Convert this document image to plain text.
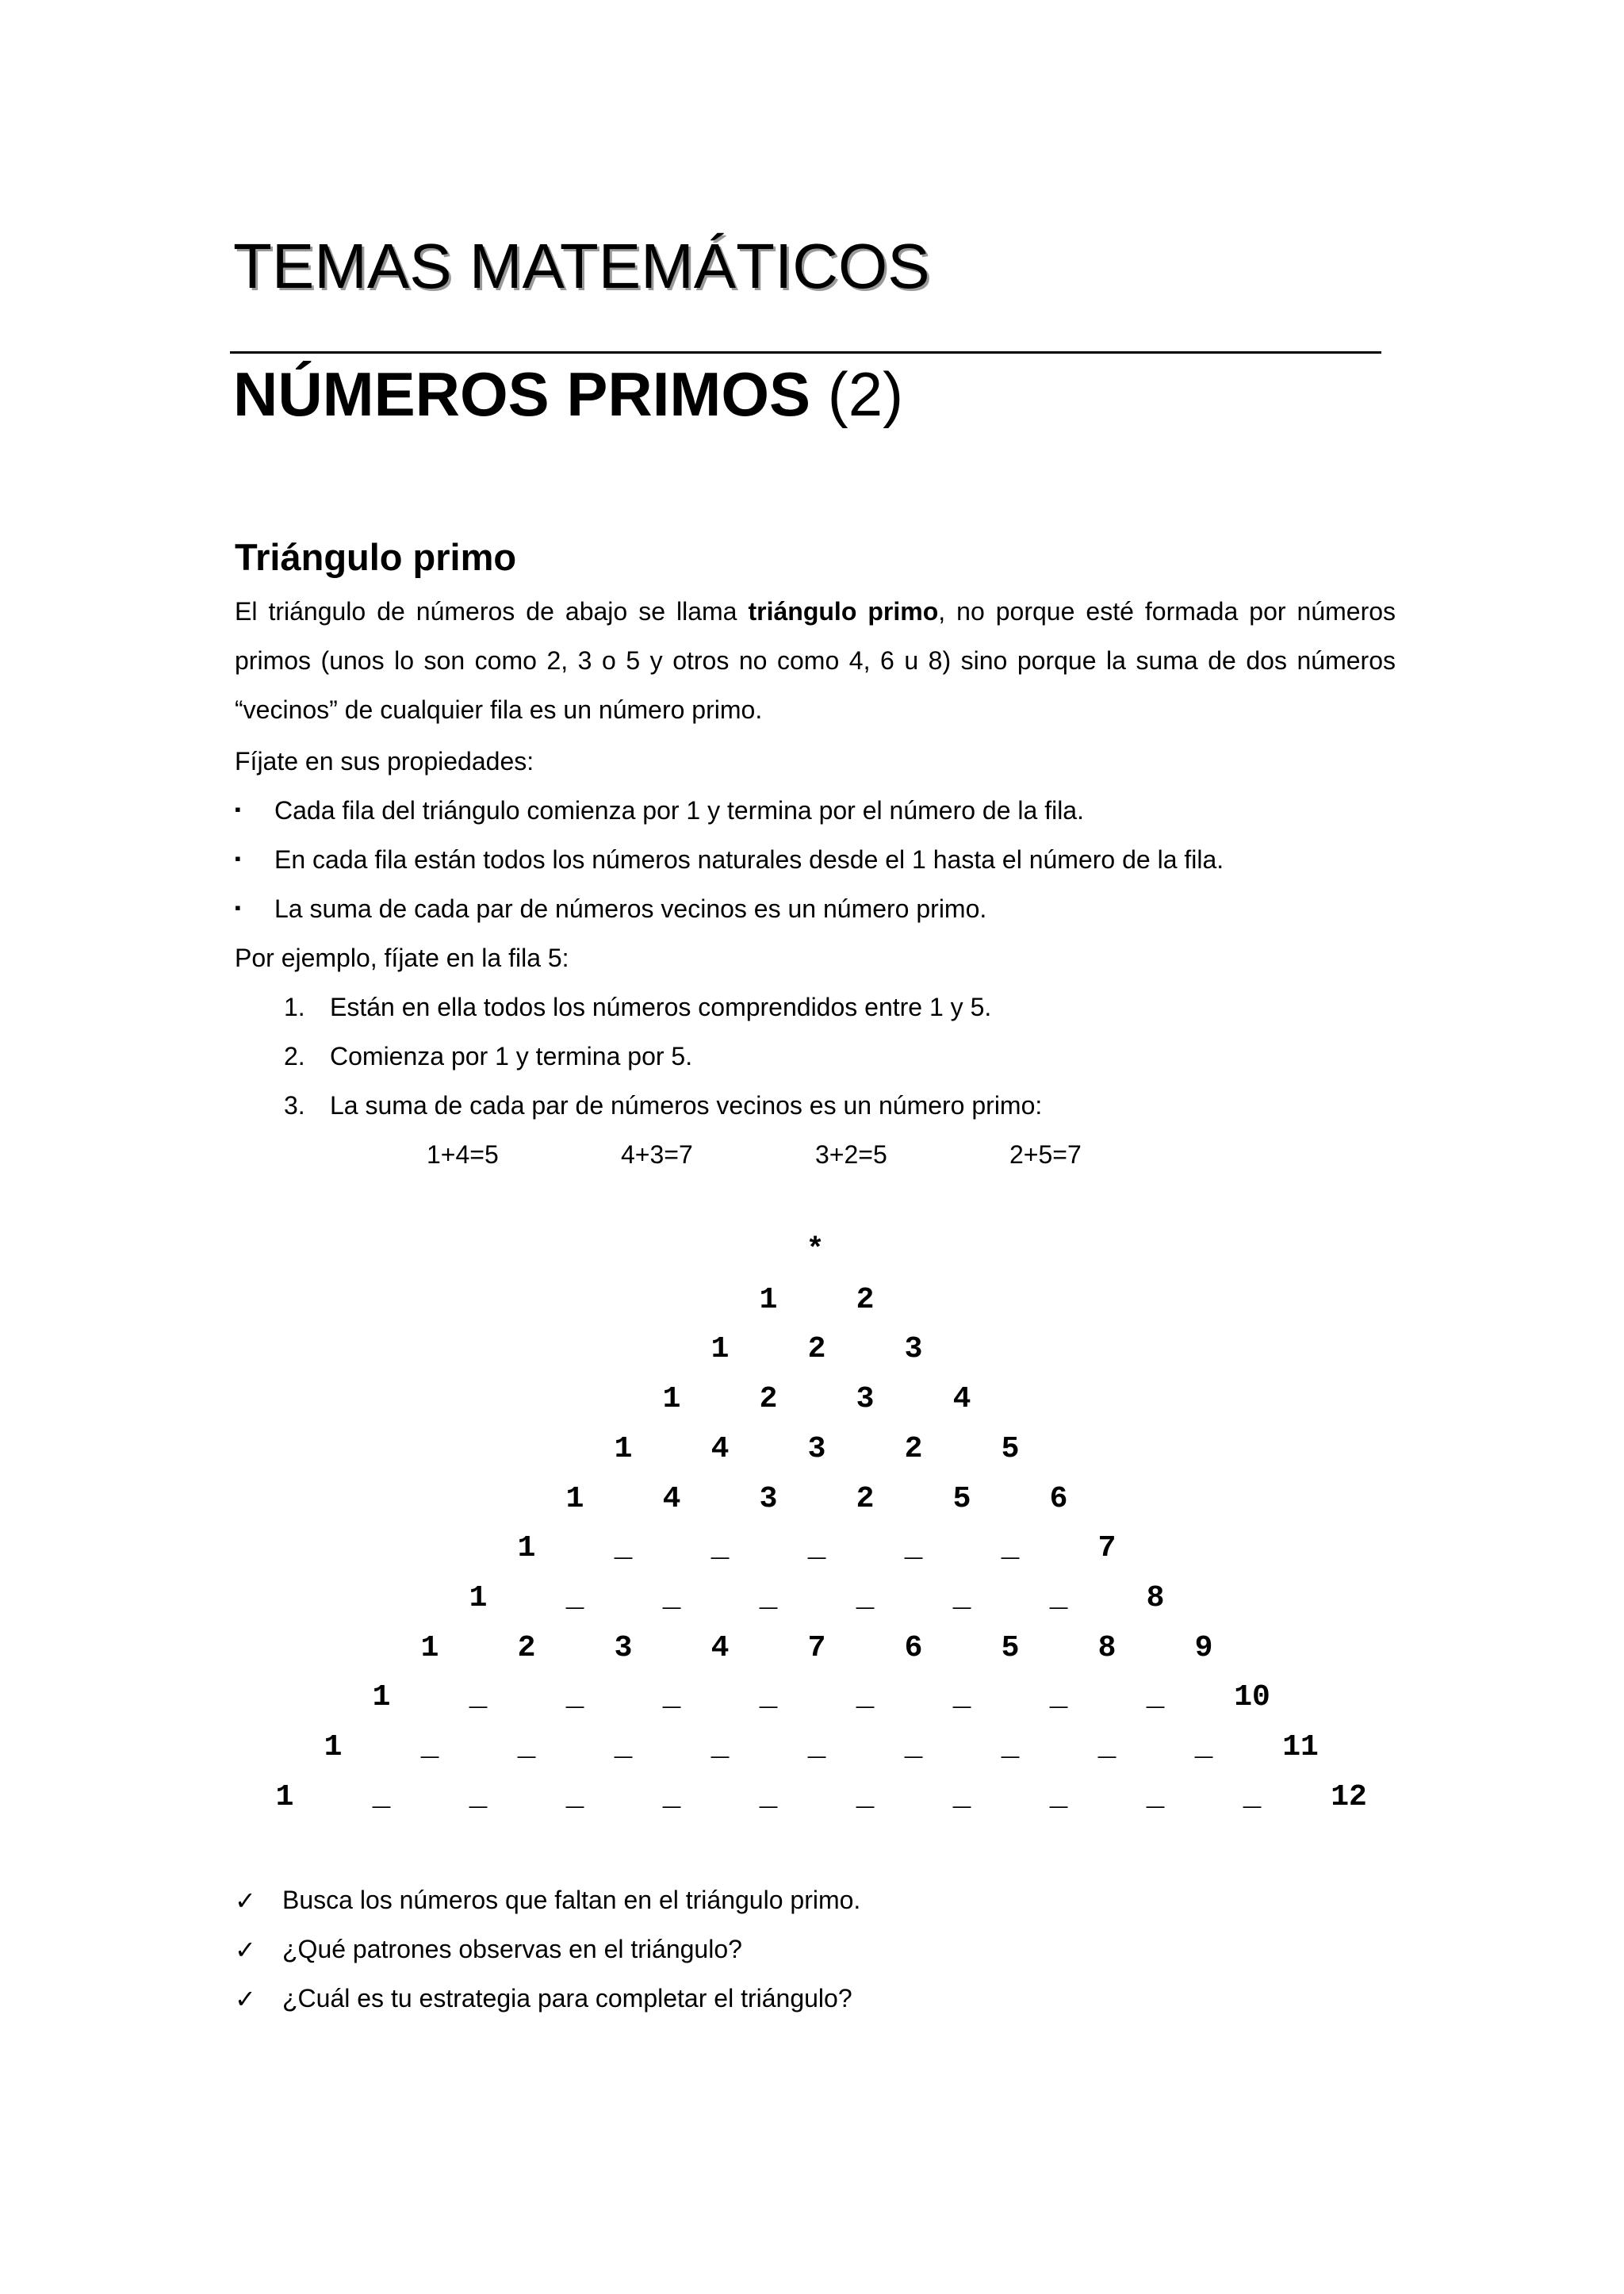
TEMAS MATEMÁTICOS
NÚMEROS PRIMOS (2)
Triángulo primo
El triángulo de números de abajo se llama triángulo primo, no porque esté formada por números primos (unos lo son como 2, 3 o 5 y otros no como 4, 6 u 8) sino porque la suma de dos números “vecinos” de cualquier fila es un número primo.
Fíjate en sus propiedades:
▪ Cada fila del triángulo comienza por 1 y termina por el número de la fila.
▪ En cada fila están todos los números naturales desde el 1 hasta el número de la fila.
▪ La suma de cada par de números vecinos es un número primo.
Por ejemplo, fíjate en la fila 5:
1. Están en ella todos los números comprendidos entre 1 y 5.
2. Comienza por 1 y termina por 5.
3. La suma de cada par de números vecinos es un número primo:
1+4=5	4+3=7	3+2=5	2+5=7
*
1	2
1	2	3
1	2	3	4
1	4	3	2	5
1	4	3	2	5	6
1	_	_	_	_	_	7
1	_	_	_	_	_	_	8
1	2	3	4	7	6	5	8	9
1	_	_	_	_	_	_	_	_ 10
1	_	_	_	_	_	_	_	_	_ 11
1	_	_	_	_	_	_	_	_	_	_ 12
✓ Busca los números que faltan en el triángulo primo.
✓ ¿Qué patrones observas en el triángulo?
✓ ¿Cuál es tu estrategia para completar el triángulo?
